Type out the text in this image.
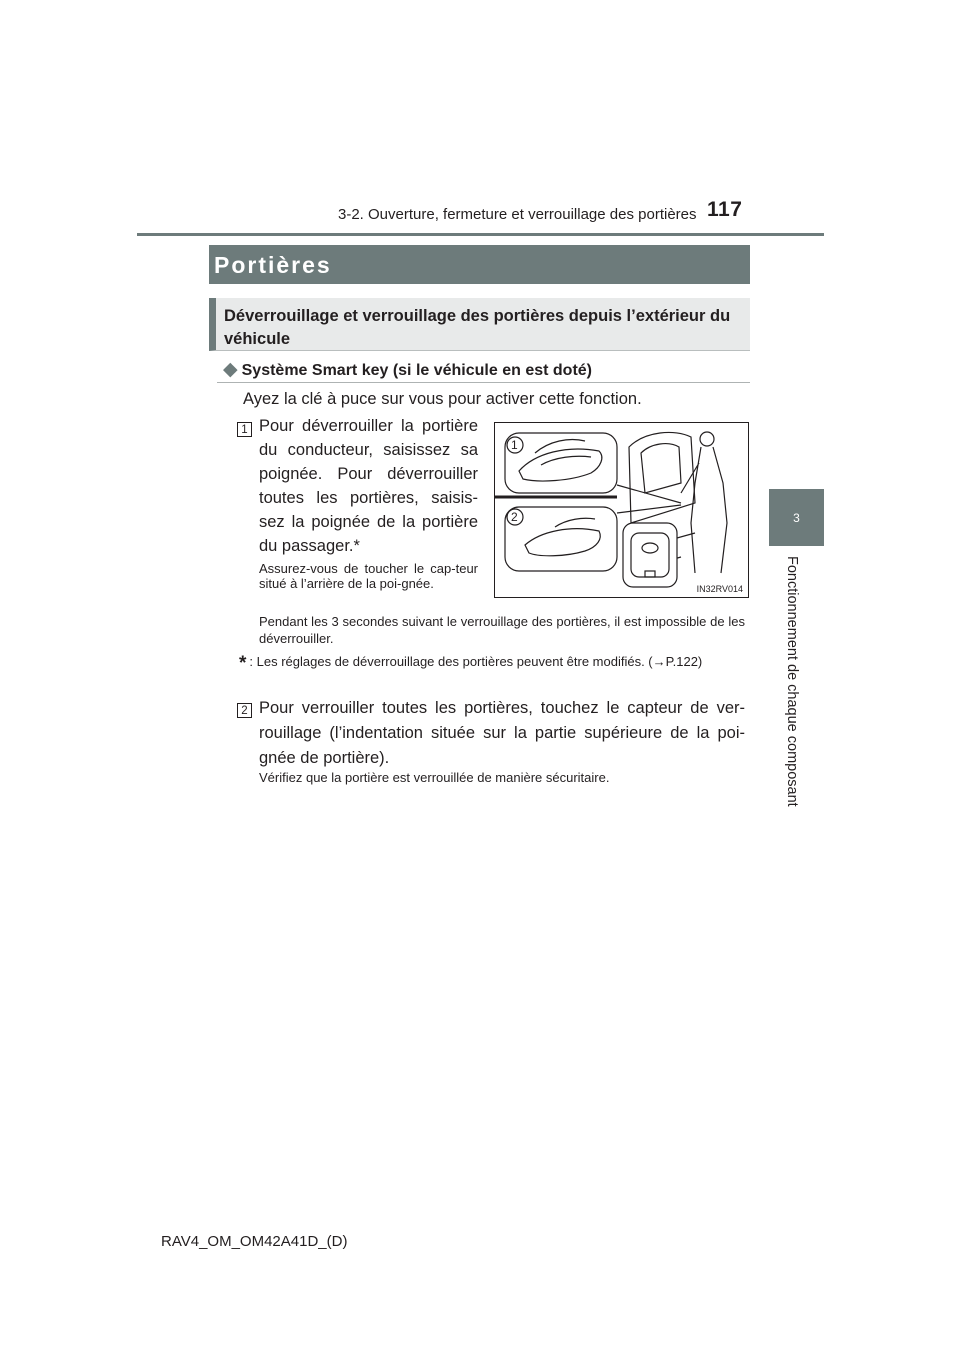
3-2. Ouverture, fermeture et verrouillage des portières 117
3
Fonctionnement de chaque composant
Portières
Déverrouillage et verrouillage des portières depuis l’extérieur du véhicule
◆ Système Smart key (si le véhicule en est doté)
Ayez la clé à puce sur vous pour activer cette fonction.
1 Pour déverrouiller la portière du conducteur, saisissez sa poignée. Pour déverrouiller toutes les portières, saisis-sez la poignée de la portière du passager.*
Assurez-vous de toucher le cap-teur situé à l’arrière de la poi-gnée.
Pendant les 3 secondes suivant le verrouillage des portières, il est impossible de les déverrouiller.
* : Les réglages de déverrouillage des portières peuvent être modifiés. (→P.122)
2 Pour verrouiller toutes les portières, touchez le capteur de ver-rouillage (l’indentation située sur la partie supérieure de la poi-gnée de portière).
Vérifiez que la portière est verrouillée de manière sécuritaire.
1
2
IN32RV014
RAV4_OM_OM42A41D_(D)
